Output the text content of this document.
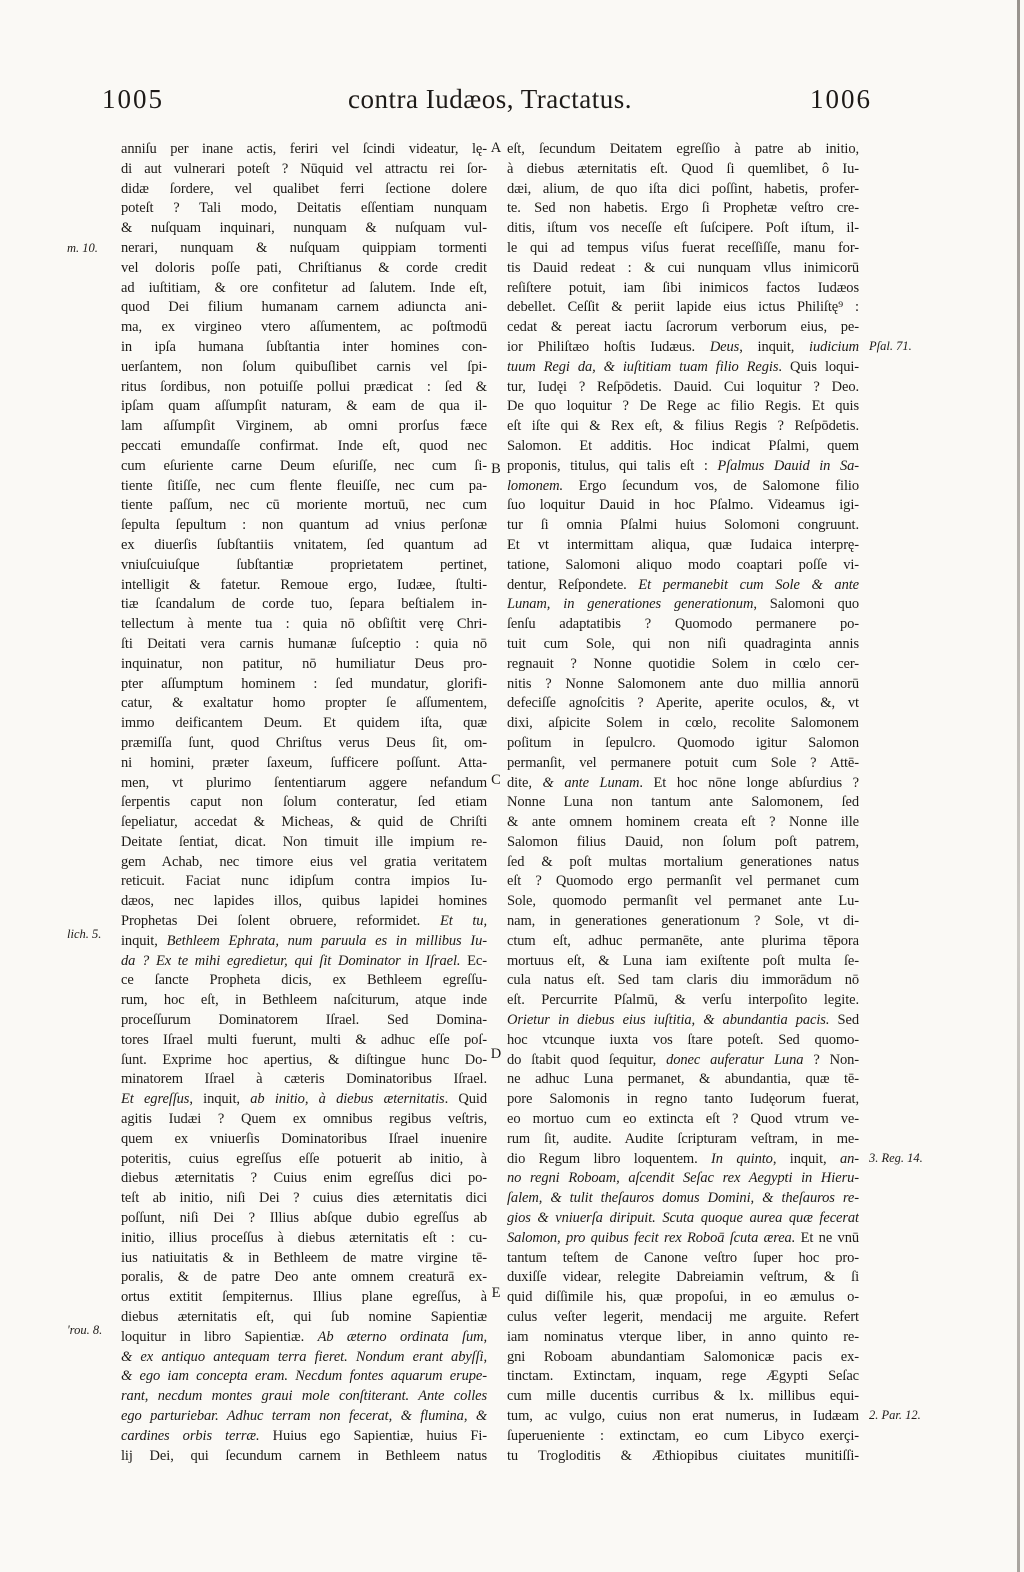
1005	contra Iudæos, Tractatus.	1006
anniſu per inane actis, feriri vel ſcindi videatur, lę-
di aut vulnerari poteſt ? Nūquid vel attractu rei ſor-
didæ ſordere, vel qualibet ferri ſectione dolere
poteſt ? Tali modo, Deitatis eſſentiam nunquam
& nuſquam inquinari, nunquam & nuſquam vul-
nerari, nunquam & nuſquam quippiam tormenti
vel doloris poſſe pati, Chriſtianus & corde credit
ad iuſtitiam, & ore confitetur ad ſalutem. Inde eſt,
quod Dei filium humanam carnem adiuncta ani-
ma, ex virgineo vtero aſſumentem, ac poſtmodū
in ipſa humana ſubſtantia inter homines con-
uerſantem, non ſolum quibuſlibet carnis vel ſpi-
ritus ſordibus, non potuiſſe pollui prædicat : ſed &
ipſam quam aſſumpſit naturam, & eam de qua il-
lam aſſumpſit Virginem, ab omni prorſus fæce
peccati emundaſſe confirmat. Inde eſt, quod nec
cum eſuriente carne Deum eſuriſſe, nec cum ſi-
tiente ſitiſſe, nec cum flente fleuiſſe, nec cum pa-
tiente paſſum, nec cū moriente mortuū, nec cum
ſepulta ſepultum : non quantum ad vnius perſonæ
ex diuerſis ſubſtantiis vnitatem, ſed quantum ad
vniuſcuiuſque ſubſtantiæ proprietatem pertinet,
intelligit & fatetur. Remoue ergo, Iudæe, ſtulti-
tiæ ſcandalum de corde tuo, ſepara beſtialem in-
tellectum à mente tua : quia nō obſiſtit verę Chri-
ſti Deitati vera carnis humanæ ſuſceptio : quia nō
inquinatur, non patitur, nō humiliatur Deus pro-
pter aſſumptum hominem : ſed mundatur, glorifi-
catur, & exaltatur homo propter ſe aſſumentem,
immo deificantem Deum. Et quidem iſta, quæ
præmiſſa ſunt, quod Chriſtus verus Deus ſit, om-
ni homini, præter ſaxeum, ſufficere poſſunt. Atta-
men, vt plurimo ſententiarum aggere nefandum
ſerpentis caput non ſolum conteratur, ſed etiam
ſepeliatur, accedat & Micheas, & quid de Chriſti
Deitate ſentiat, dicat. Non timuit ille impium re-
gem Achab, nec timore eius vel gratia veritatem
reticuit. Faciat nunc idipſum contra impios Iu-
dæos, nec lapides illos, quibus lapidei homines
Prophetas Dei ſolent obruere, reformidet. Et tu,
inquit, Bethleem Ephrata, num paruula es in millibus Iu-
da ? Ex te mihi egredietur, qui ſit Dominator in Iſrael. Ec-
ce ſancte Propheta dicis, ex Bethleem egreſſu-
rum, hoc eſt, in Bethleem naſciturum, atque inde
proceſſurum Dominatorem Iſrael. Sed Domina-
tores Iſrael multi fuerunt, multi & adhuc eſſe poſ-
ſunt. Exprime hoc apertius, & diſtingue hunc Do-
minatorem Iſrael à cæteris Dominatoribus Iſrael.
Et egreſſus, inquit, ab initio, à diebus æternitatis. Quid
agitis Iudæi ? Quem ex omnibus regibus veſtris,
quem ex vniuerſis Dominatoribus Iſrael inuenire
poteritis, cuius egreſſus eſſe potuerit ab initio, à
diebus æternitatis ? Cuius enim egreſſus dici po-
teſt ab initio, niſi Dei ? cuius dies æternitatis dici
poſſunt, niſi Dei ? Illius abſque dubio egreſſus ab
initio, illius proceſſus à diebus æternitatis eſt : cu-
ius natiuitatis & in Bethleem de matre virgine tē-
poralis, & de patre Deo ante omnem creaturā ex-
ortus extitit ſempiternus. Illius plane egreſſus, à
diebus æternitatis eſt, qui ſub nomine Sapientiæ
loquitur in libro Sapientiæ. Ab æterno ordinata ſum,
& ex antiquo antequam terra fieret. Nondum erant abyſſi,
& ego iam concepta eram. Necdum fontes aquarum erupe-
rant, necdum montes graui mole conſtiterant. Ante colles
ego parturiebar. Adhuc terram non fecerat, & flumina, &
cardines orbis terræ. Huius ego Sapientiæ, huius Fi-
lij Dei, qui ſecundum carnem in Bethleem natus
eſt, ſecundum Deitatem egreſſio à patre ab initio,
à diebus æternitatis eſt. Quod ſi quemlibet, ô Iu-
dæi, alium, de quo iſta dici poſſint, habetis, profer-
te. Sed non habetis. Ergo ſi Prophetæ veſtro cre-
ditis, iſtum vos neceſſe eſt ſuſcipere. Poſt iſtum, il-
le qui ad tempus viſus fuerat receſſiſſe, manu for-
tis Dauid redeat : & cui nunquam vllus inimicorū
reſiſtere potuit, iam ſibi inimicos factos Iudæos
debellet. Ceſſit & periit lapide eius ictus Philiſtę⁹ :
cedat & pereat iactu ſacrorum verborum eius, pe-
ior Philiſtæo hoſtis Iudæus. Deus, inquit, iudicium
tuum Regi da, & iuſtitiam tuam filio Regis. Quis loqui-
tur, Iudęi ? Reſpōdetis. Dauid. Cui loquitur ? Deo.
De quo loquitur ? De Rege ac filio Regis. Et quis
eſt iſte qui & Rex eſt, & filius Regis ? Reſpōdetis.
Salomon. Et additis. Hoc indicat Pſalmi, quem
proponis, titulus, qui talis eſt : Pſalmus Dauid in Sa-
lomonem. Ergo ſecundum vos, de Salomone filio
ſuo loquitur Dauid in hoc Pſalmo. Videamus igi-
tur ſi omnia Pſalmi huius Solomoni congruunt.
Et vt intermittam aliqua, quæ Iudaica interprę-
tatione, Salomoni aliquo modo coaptari poſſe vi-
dentur, Reſpondete. Et permanebit cum Sole & ante
Lunam, in generationes generationum, Salomoni quo
ſenſu adaptatibis ? Quomodo permanere po-
tuit cum Sole, qui non niſi quadraginta annis
regnauit ? Nonne quotidie Solem in cœlo cer-
nitis ? Nonne Salomonem ante duo millia annorū
defeciſſe agnoſcitis ? Aperite, aperite oculos, &, vt
dixi, aſpicite Solem in cœlo, recolite Salomonem
poſitum in ſepulcro. Quomodo igitur Salomon
permanſit, vel permanere potuit cum Sole ? Attē-
dite, & ante Lunam. Et hoc nōne longe abſurdius ?
Nonne Luna non tantum ante Salomonem, ſed
& ante omnem hominem creata eſt ? Nonne ille
Salomon filius Dauid, non ſolum poſt patrem,
ſed & poſt multas mortalium generationes natus
eſt ? Quomodo ergo permanſit vel permanet cum
Sole, quomodo permanſit vel permanet ante Lu-
nam, in generationes generationum ? Sole, vt di-
ctum eſt, adhuc permanēte, ante plurima tēpora
mortuus eſt, & Luna iam exiſtente poſt multa ſe-
cula natus eſt. Sed tam claris diu immorādum nō
eſt. Percurrite Pſalmū, & verſu interpoſito legite.
Orietur in diebus eius iuſtitia, & abundantia pacis. Sed
hoc vtcunque iuxta vos ſtare poteſt. Sed quomo-
do ſtabit quod ſequitur, donec auferatur Luna ? Non-
ne adhuc Luna permanet, & abundantia, quæ tē-
pore Salomonis in regno tanto Iudęorum fuerat,
eo mortuo cum eo extincta eſt ? Quod vtrum ve-
rum ſit, audite. Audite ſcripturam veſtram, in me-
dio Regum libro loquentem. In quinto, inquit, an-
no regni Roboam, aſcendit Seſac rex Aegypti in Hieru-
ſalem, & tulit theſauros domus Domini, & theſauros re-
gios & vniuerſa diripuit. Scuta quoque aurea quæ fecerat
Salomon, pro quibus fecit rex Roboā ſcuta ærea. Et ne vnū
tantum teſtem de Canone veſtro ſuper hoc pro-
duxiſſe videar, relegite Dabreiamin veſtrum, & ſi
quid diſſimile his, quæ propoſui, in eo æmulus o-
culus veſter legerit, mendacij me arguite. Refert
iam nominatus vterque liber, in anno quinto re-
gni Roboam abundantiam Salomonicæ pacis ex-
tinctam. Extinctam, inquam, rege Ægypti Seſac
cum mille ducentis curribus & lx. millibus equi-
tum, ac vulgo, cuius non erat numerus, in Iudæam
ſuperueniente : extinctam, eo cum Libyco exerçi-
tu Trogloditis & Æthiopibus ciuitates munitiſſi-
A
B
C
D
E
m. 10.
lich. 5.
'rou. 8.
Pſal. 71.
3. Reg. 14.
2. Par. 12.
